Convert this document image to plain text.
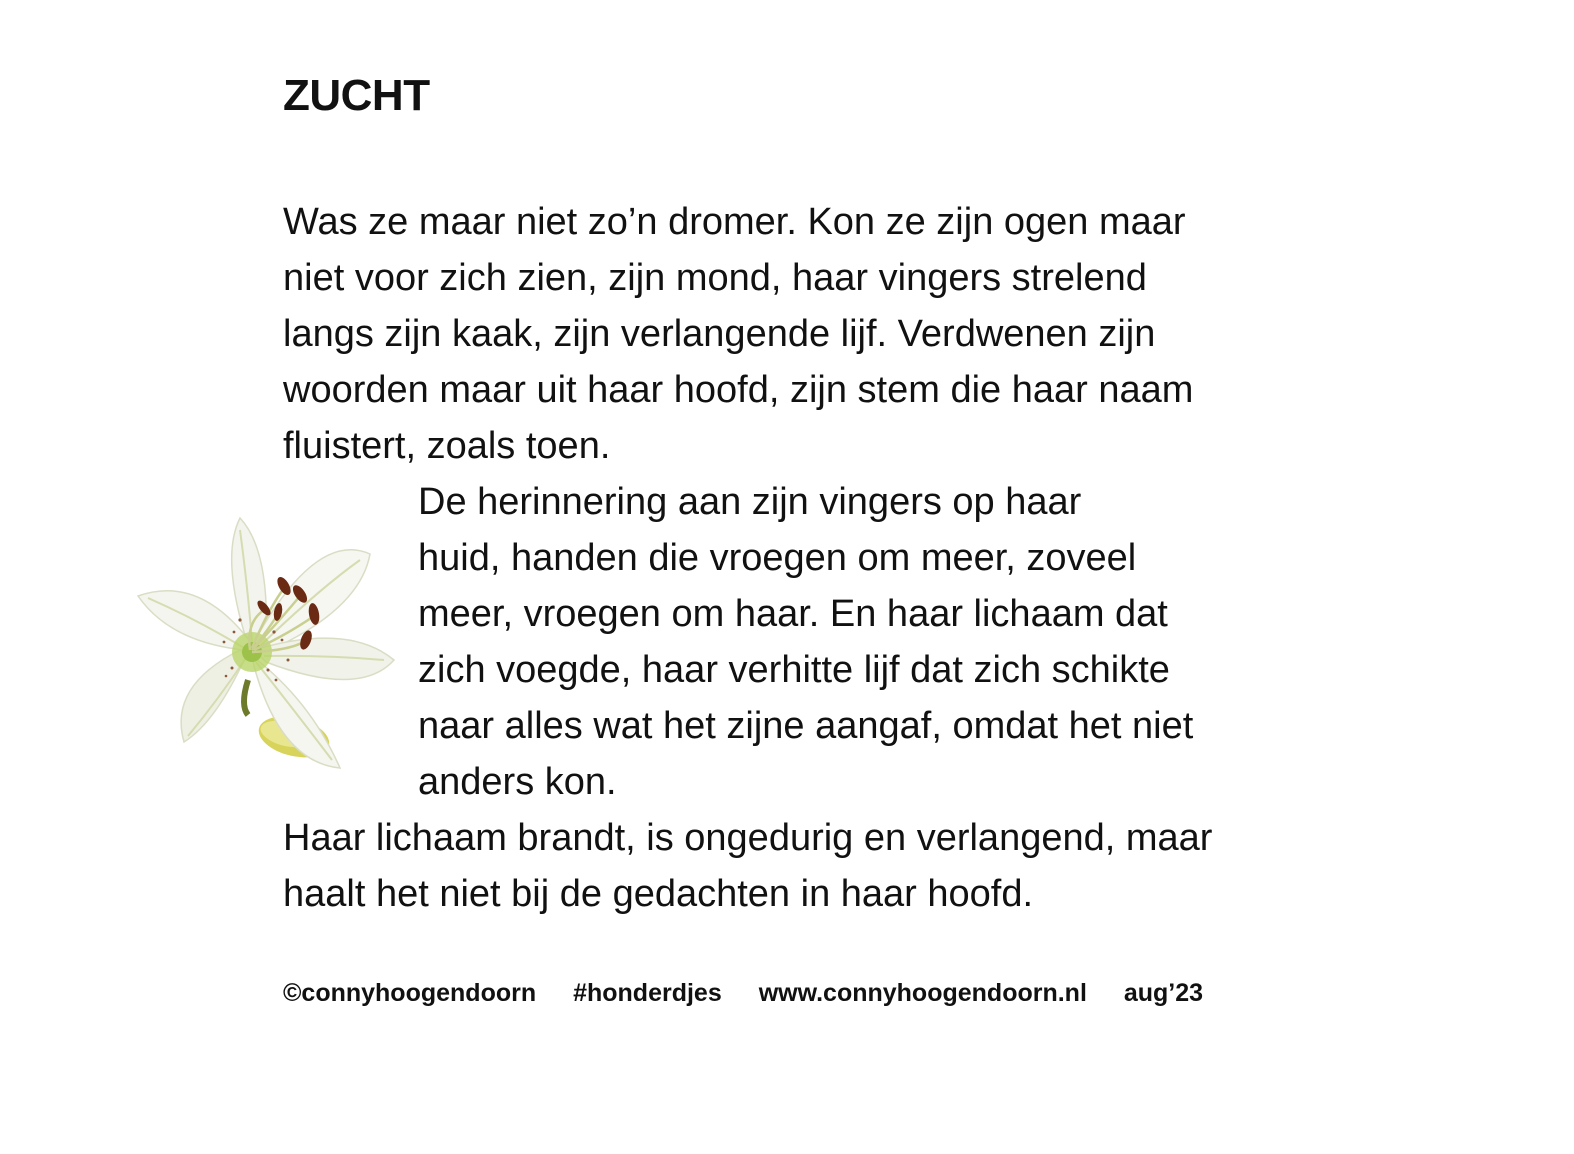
ZUCHT
Was ze maar niet zo’n dromer. Kon ze zijn ogen maar
niet voor zich zien, zijn mond, haar vingers strelend
langs zijn kaak, zijn verlangende lijf. Verdwenen zijn
woorden maar uit haar hoofd, zijn stem die haar naam
fluistert, zoals toen.
De herinnering aan zijn vingers op haar
huid, handen die vroegen om meer, zoveel
meer, vroegen om haar. En haar lichaam dat
zich voegde, haar verhitte lijf dat zich schikte
naar alles wat het zijne aangaf, omdat het niet
anders kon.
Haar lichaam brandt, is ongedurig en verlangend, maar
haalt het niet bij de gedachten in haar hoofd.
©connyhoogendoorn #honderdjes www.connyhoogendoorn.nl aug’23
